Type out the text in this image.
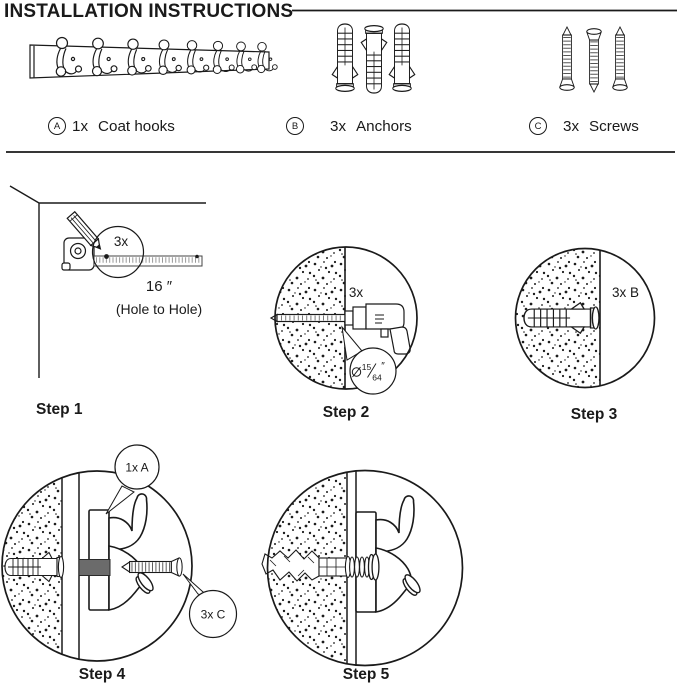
3x
16 ″
(Hole to Hole)
3x
15
64
″
3x B
1x A
3x C
INSTALLATION INSTRUCTIONS
A 1x Coat hooks	B	3x Anchors	C	3x Screws
Step 1	Step 2	Step 3
Step 4	Step 5
